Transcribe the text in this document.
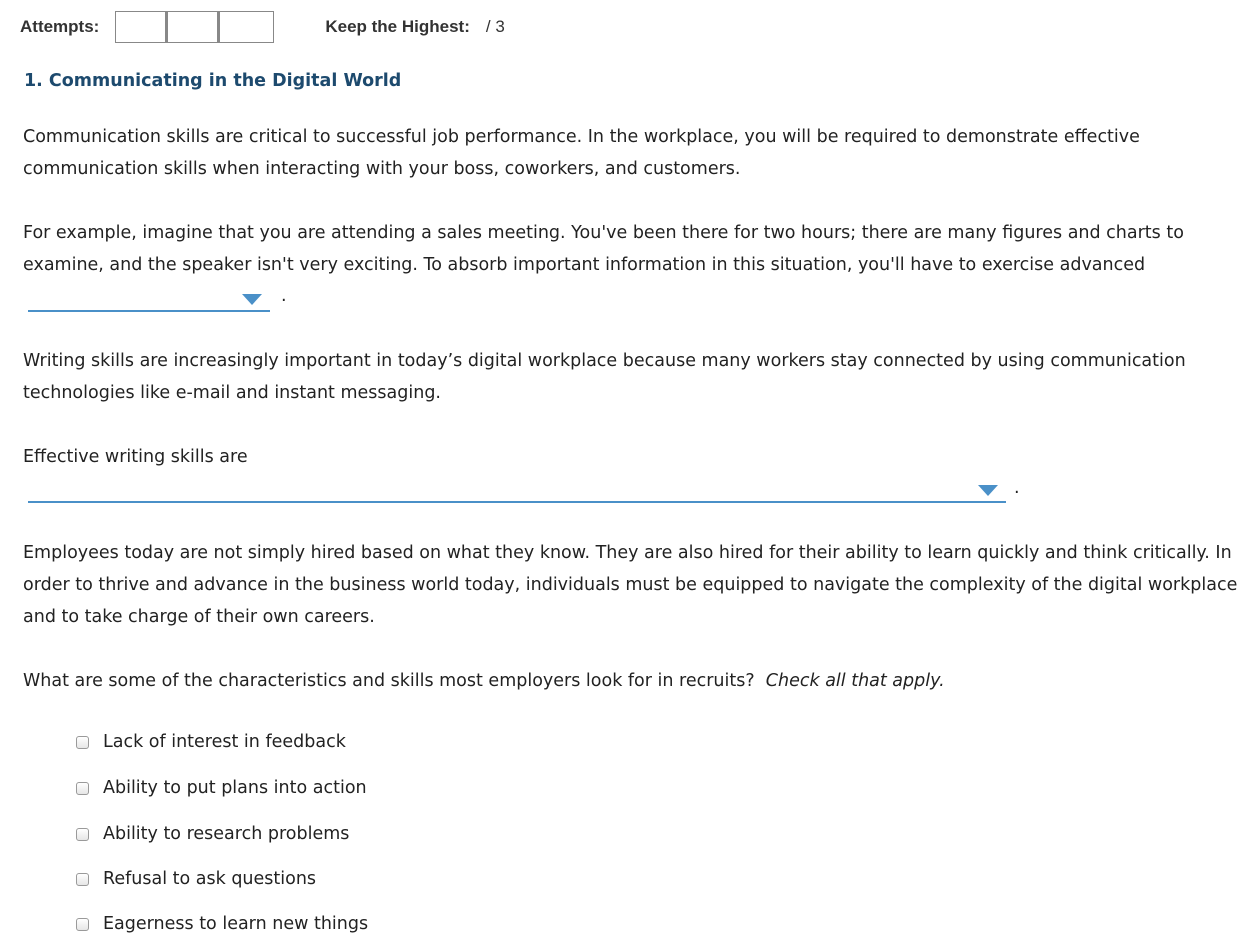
Attempts:	Keep the Highest: / 3
1. Communicating in the Digital World

Communication skills are critical to successful job performance. In the workplace, you will be required to demonstrate effective communication skills when interacting with your boss, coworkers, and customers.

For example, imagine that you are attending a sales meeting. You've been there for two hours; there are many figures and charts to examine, and the speaker isn't very exciting. To absorb important information in this situation, you'll have to exercise advanced

.

Writing skills are increasingly important in today’s digital workplace because many workers stay connected by using communication technologies like e-mail and instant messaging.

Effective writing skills are

.

Employees today are not simply hired based on what they know. They are also hired for their ability to learn quickly and think critically. In order to thrive and advance in the business world today, individuals must be equipped to navigate the complexity of the digital workplace and to take charge of their own careers.

What are some of the characteristics and skills most employers look for in recruits? Check all that apply.

Lack of interest in feedback
Ability to put plans into action
Ability to research problems
Refusal to ask questions
Eagerness to learn new things
